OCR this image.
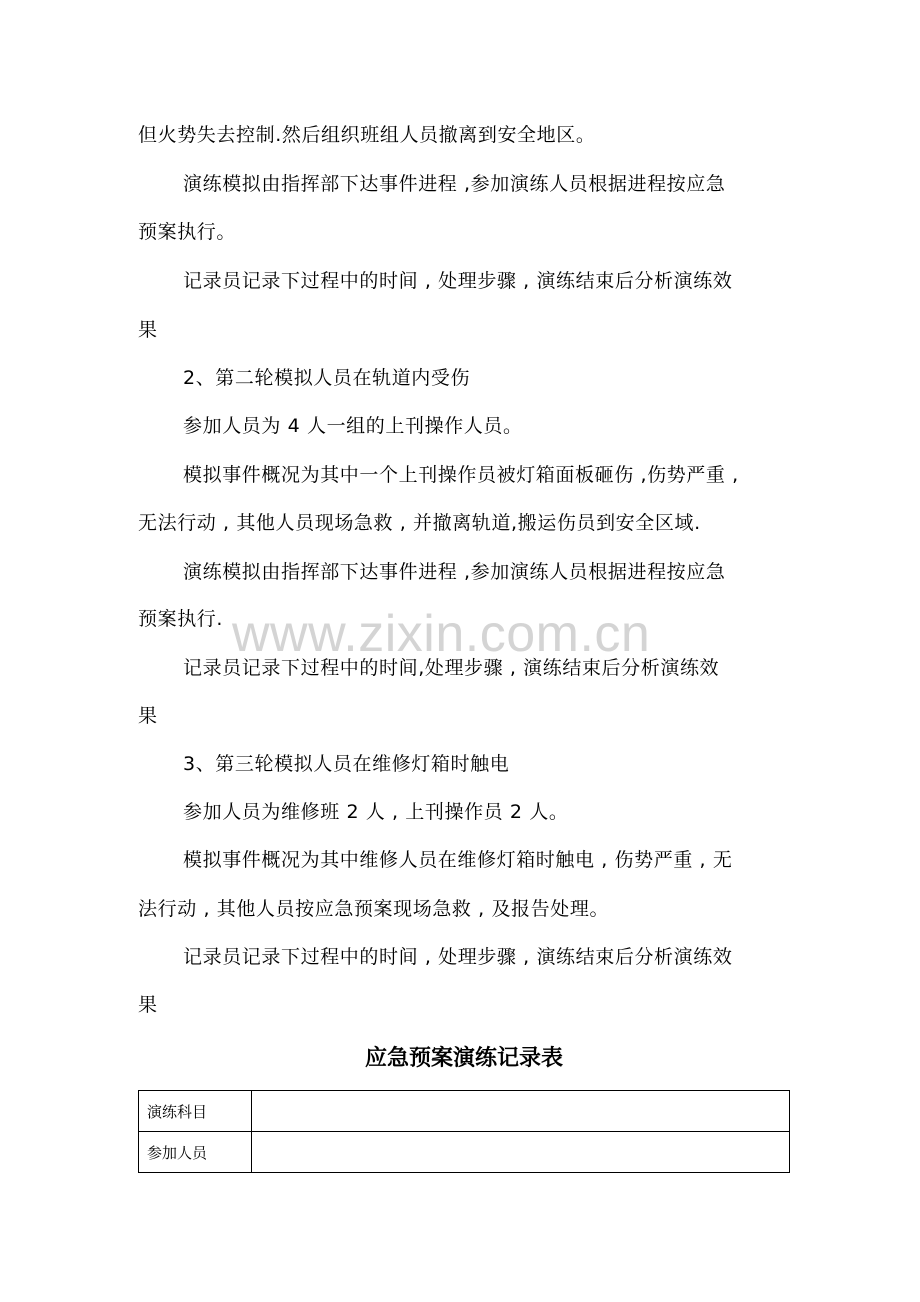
但火势失去控制.然后组织班组人员撤离到安全地区。
演练模拟由指挥部下达事件进程 ,参加演练人员根据进程按应急
预案执行。
记录员记录下过程中的时间 , 处理步骤 , 演练结束后分析演练效
果
2、第二轮模拟人员在轨道内受伤
参加人员为 4 人一组的上刊操作人员。
模拟事件概况为其中一个上刊操作员被灯箱面板砸伤 ,伤势严重 ,
无法行动 , 其他人员现场急救 , 并撤离轨道,搬运伤员到安全区域.
演练模拟由指挥部下达事件进程 ,参加演练人员根据进程按应急
预案执行.
记录员记录下过程中的时间,处理步骤 , 演练结束后分析演练效
果
3、第三轮模拟人员在维修灯箱时触电
参加人员为维修班 2 人 , 上刊操作员 2 人。
模拟事件概况为其中维修人员在维修灯箱时触电 , 伤势严重 , 无
法行动 , 其他人员按应急预案现场急救 , 及报告处理。
记录员记录下过程中的时间 , 处理步骤 , 演练结束后分析演练效
果
www.zixin.com.cn
应急预案演练记录表
演练科目	
参加人员	
